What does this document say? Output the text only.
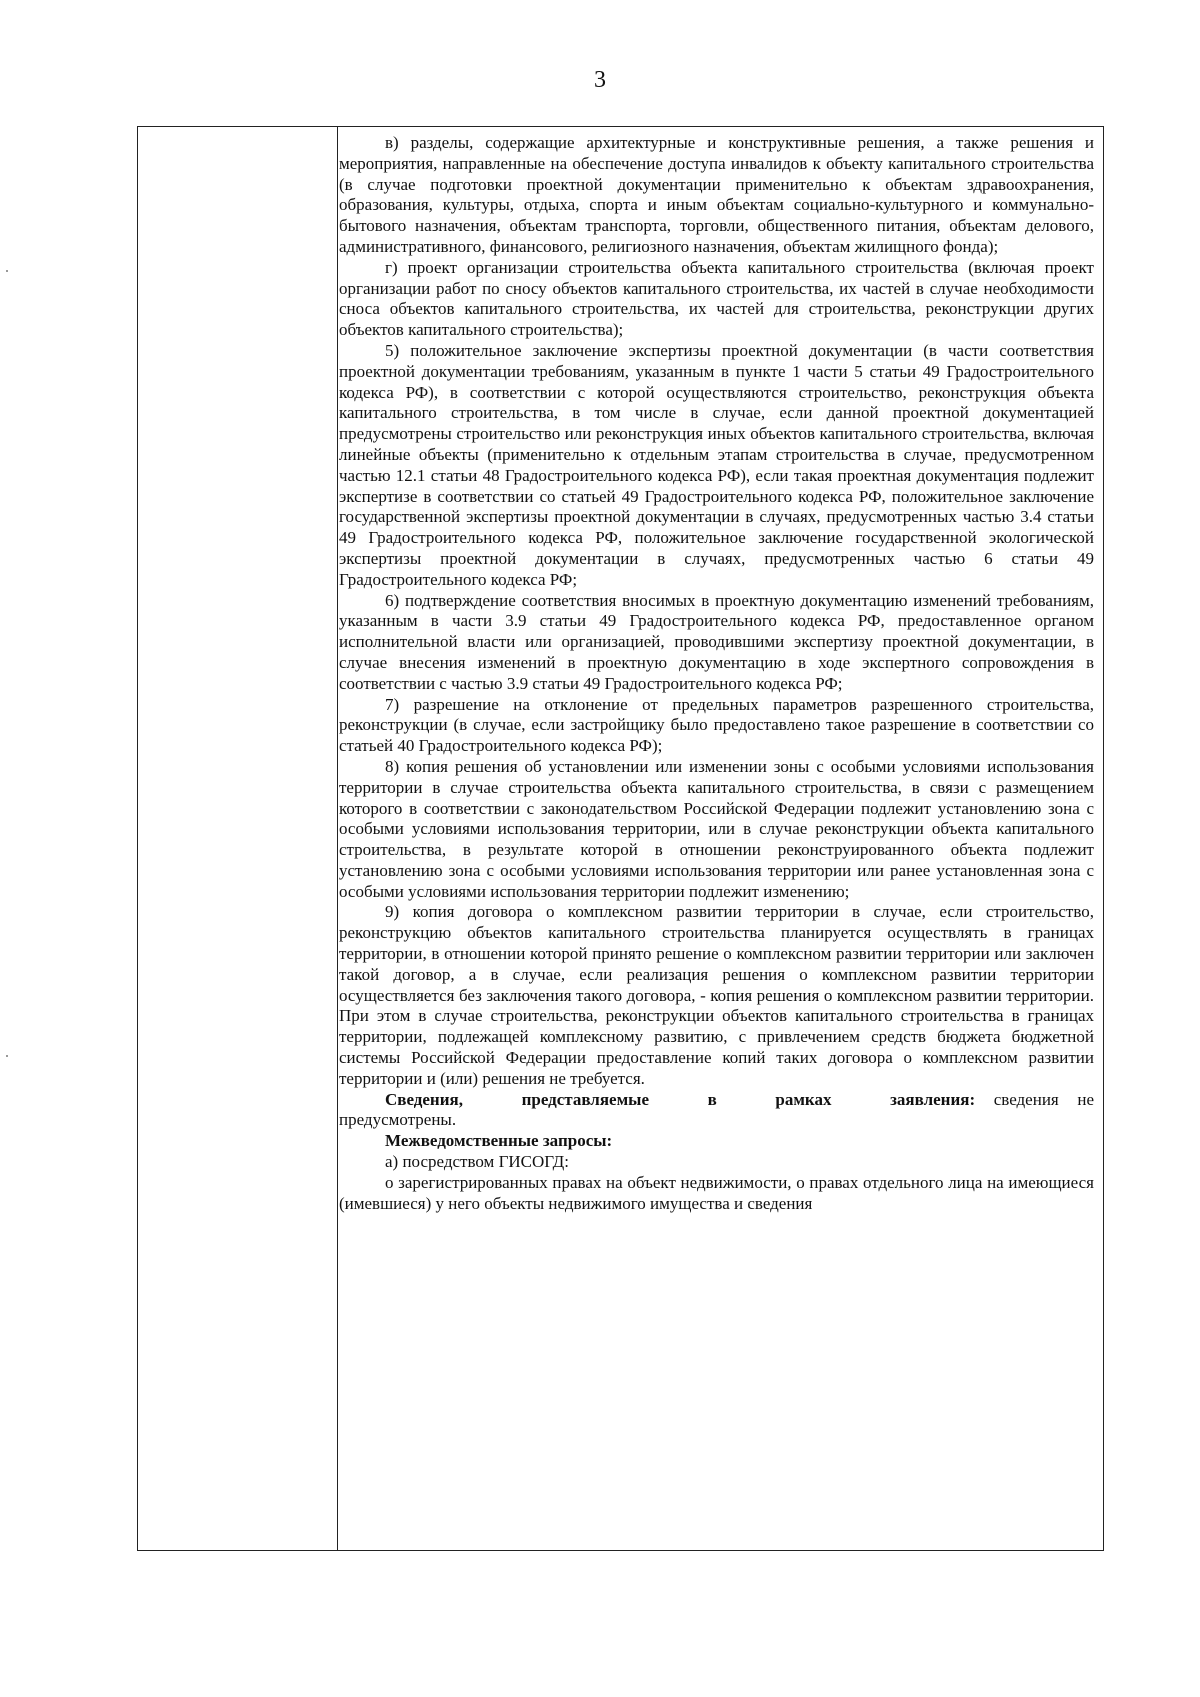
3

в) разделы, содержащие архитектурные и конструктивные решения, а также решения и мероприятия, направленные на обеспечение доступа инвалидов к объекту капитального строительства (в случае подготовки проектной документации применительно к объектам здравоохранения, образования, культуры, отдыха, спорта и иным объектам социально-культурного и коммунально-бытового назначения, объектам транспорта, торговли, общественного питания, объектам делового, административного, финансового, религиозного назначения, объектам жилищного фонда);

г) проект организации строительства объекта капитального строительства (включая проект организации работ по сносу объектов капитального строительства, их частей в случае необходимости сноса объектов капитального строительства, их частей для строительства, реконструкции других объектов капитального строительства);

5) положительное заключение экспертизы проектной документации (в части соответствия проектной документации требованиям, указанным в пункте 1 части 5 статьи 49 Градостроительного кодекса РФ), в соответствии с которой осуществляются строительство, реконструкция объекта капитального строительства, в том числе в случае, если данной проектной документацией предусмотрены строительство или реконструкция иных объектов капитального строительства, включая линейные объекты (применительно к отдельным этапам строительства в случае, предусмотренном частью 12.1 статьи 48 Градостроительного кодекса РФ), если такая проектная документация подлежит экспертизе в соответствии со статьей 49 Градостроительного кодекса РФ, положительное заключение государственной экспертизы проектной документации в случаях, предусмотренных частью 3.4 статьи 49 Градостроительного кодекса РФ, положительное заключение государственной экологической экспертизы проектной документации в случаях, предусмотренных частью 6 статьи 49 Градостроительного кодекса РФ;

6) подтверждение соответствия вносимых в проектную документацию изменений требованиям, указанным в части 3.9 статьи 49 Градостроительного кодекса РФ, предоставленное органом исполнительной власти или организацией, проводившими экспертизу проектной документации, в случае внесения изменений в проектную документацию в ходе экспертного сопровождения в соответствии с частью 3.9 статьи 49 Градостроительного кодекса РФ;

7) разрешение на отклонение от предельных параметров разрешенного строительства, реконструкции (в случае, если застройщику было предоставлено такое разрешение в соответствии со статьей 40 Градостроительного кодекса РФ);

8) копия решения об установлении или изменении зоны с особыми условиями использования территории в случае строительства объекта капитального строительства, в связи с размещением которого в соответствии с законодательством Российской Федерации подлежит установлению зона с особыми условиями использования территории, или в случае реконструкции объекта капитального строительства, в результате которой в отношении реконструированного объекта подлежит установлению зона с особыми условиями использования территории или ранее установленная зона с особыми условиями использования территории подлежит изменению;

9) копия договора о комплексном развитии территории в случае, если строительство, реконструкцию объектов капитального строительства планируется осуществлять в границах территории, в отношении которой принято решение о комплексном развитии территории или заключен такой договор, а в случае, если реализация решения о комплексном развитии территории осуществляется без заключения такого договора, - копия решения о комплексном развитии территории. При этом в случае строительства, реконструкции объектов капитального строительства в границах территории, подлежащей комплексному развитию, с привлечением средств бюджета бюджетной системы Российской Федерации предоставление копий таких договора о комплексном развитии территории и (или) решения не требуется.

Сведения, представляемые в рамках заявления: сведения не предусмотрены.

Межведомственные запросы:

а) посредством ГИСОГД:

о зарегистрированных правах на объект недвижимости, о правах отдельного лица на имеющиеся (имевшиеся) у него объекты недвижимого имущества и сведения
